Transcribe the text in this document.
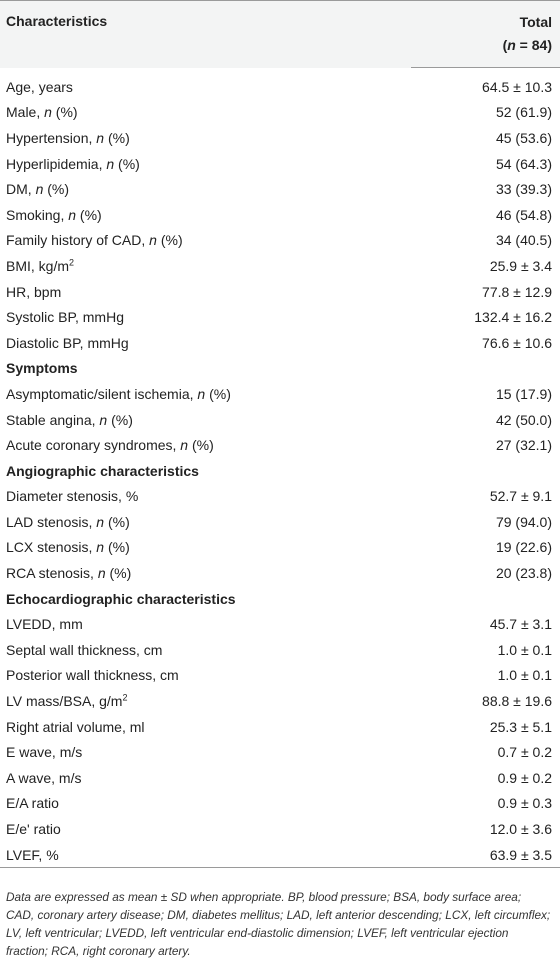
Characteristics	Total
	(n = 84)

Age, years	64.5 ± 10.3
Male, n (%)	52 (61.9)
Hypertension, n (%)	45 (53.6)
Hyperlipidemia, n (%)	54 (64.3)
DM, n (%)	33 (39.3)
Smoking, n (%)	46 (54.8)
Family history of CAD, n (%)	34 (40.5)
BMI, $kg/m^2$	25.9 ± 3.4
HR, bpm	77.8 ± 12.9
Systolic BP, mmHg	132.4 ± 16.2
Diastolic BP, mmHg	76.6 ± 10.6
Symptoms	
Asymptomatic/silent ischemia, n (%)	15 (17.9)
Stable angina, n (%)	42 (50.0)
Acute coronary syndromes, n (%)	27 (32.1)
Angiographic characteristics	
Diameter stenosis, %	52.7 ± 9.1
LAD stenosis, n (%)	79 (94.0)
LCX stenosis, n (%)	19 (22.6)
RCA stenosis, n (%)	20 (23.8)
Echocardiographic characteristics	
LVEDD, mm	45.7 ± 3.1
Septal wall thickness, cm	1.0 ± 0.1
Posterior wall thickness, cm	1.0 ± 0.1
LV mass/BSA, $g/m^2$	88.8 ± 19.6
Right atrial volume, ml	25.3 ± 5.1
E wave, m/s	0.7 ± 0.2
A wave, m/s	0.9 ± 0.2
E/A ratio	0.9 ± 0.3
E/e' ratio	12.0 ± 3.6
LVEF, %	63.9 ± 3.5

Data are expressed as mean ± SD when appropriate. BP, blood pressure; BSA, body surface area; CAD, coronary artery disease; DM, diabetes mellitus; LAD, left anterior descending; LCX, left circumflex; LV, left ventricular; LVEDD, left ventricular end-diastolic dimension; LVEF, left ventricular ejection fraction; RCA, right coronary artery.
